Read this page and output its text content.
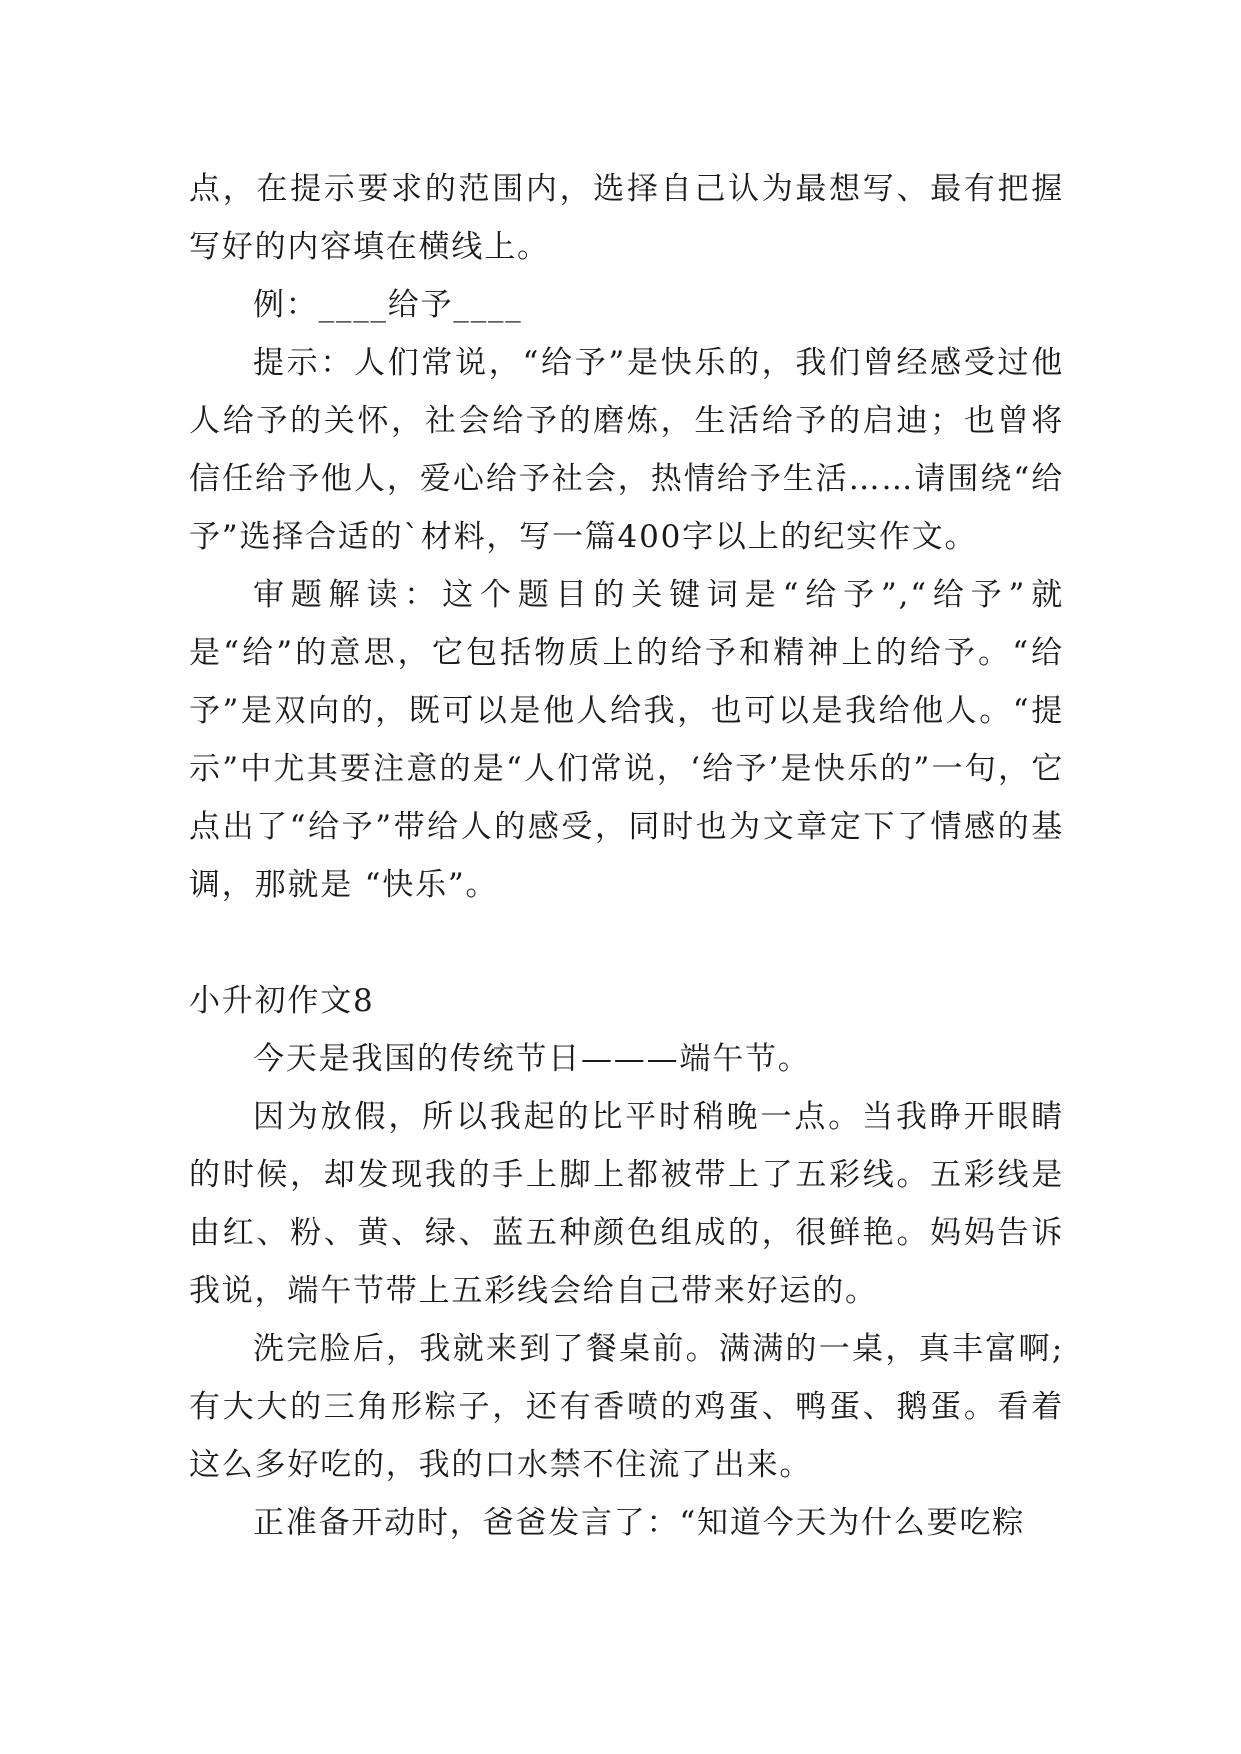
点，在提示要求的范围内，选择自己认为最想写、最有把握写好的内容填在横线上。

例：____给予____

提示：人们常说，“给予”是快乐的，我们曾经感受过他人给予的关怀，社会给予的磨炼，生活给予的启迪；也曾将信任给予他人，爱心给予社会，热情给予生活……请围绕“给予”选择合适的`材料，写一篇400字以上的纪实作文。

审题解读：这个题目的关键词是“给予”,“给予”就是“给”的意思，它包括物质上的给予和精神上的给予。“给予”是双向的，既可以是他人给我，也可以是我给他人。“提示”中尤其要注意的是“人们常说，‘给予’是快乐的”一句，它点出了“给予”带给人的感受，同时也为文章定下了情感的基调，那就是 “快乐”。

小升初作文8

今天是我国的传统节日———端午节。

因为放假，所以我起的比平时稍晚一点。当我睁开眼睛的时候，却发现我的手上脚上都被带上了五彩线。五彩线是由红、粉、黄、绿、蓝五种颜色组成的，很鲜艳。妈妈告诉我说，端午节带上五彩线会给自己带来好运的。

洗完脸后，我就来到了餐桌前。满满的一桌，真丰富啊;有大大的三角形粽子，还有香喷的鸡蛋、鸭蛋、鹅蛋。看着这么多好吃的，我的口水禁不住流了出来。

正准备开动时，爸爸发言了：“知道今天为什么要吃粽
